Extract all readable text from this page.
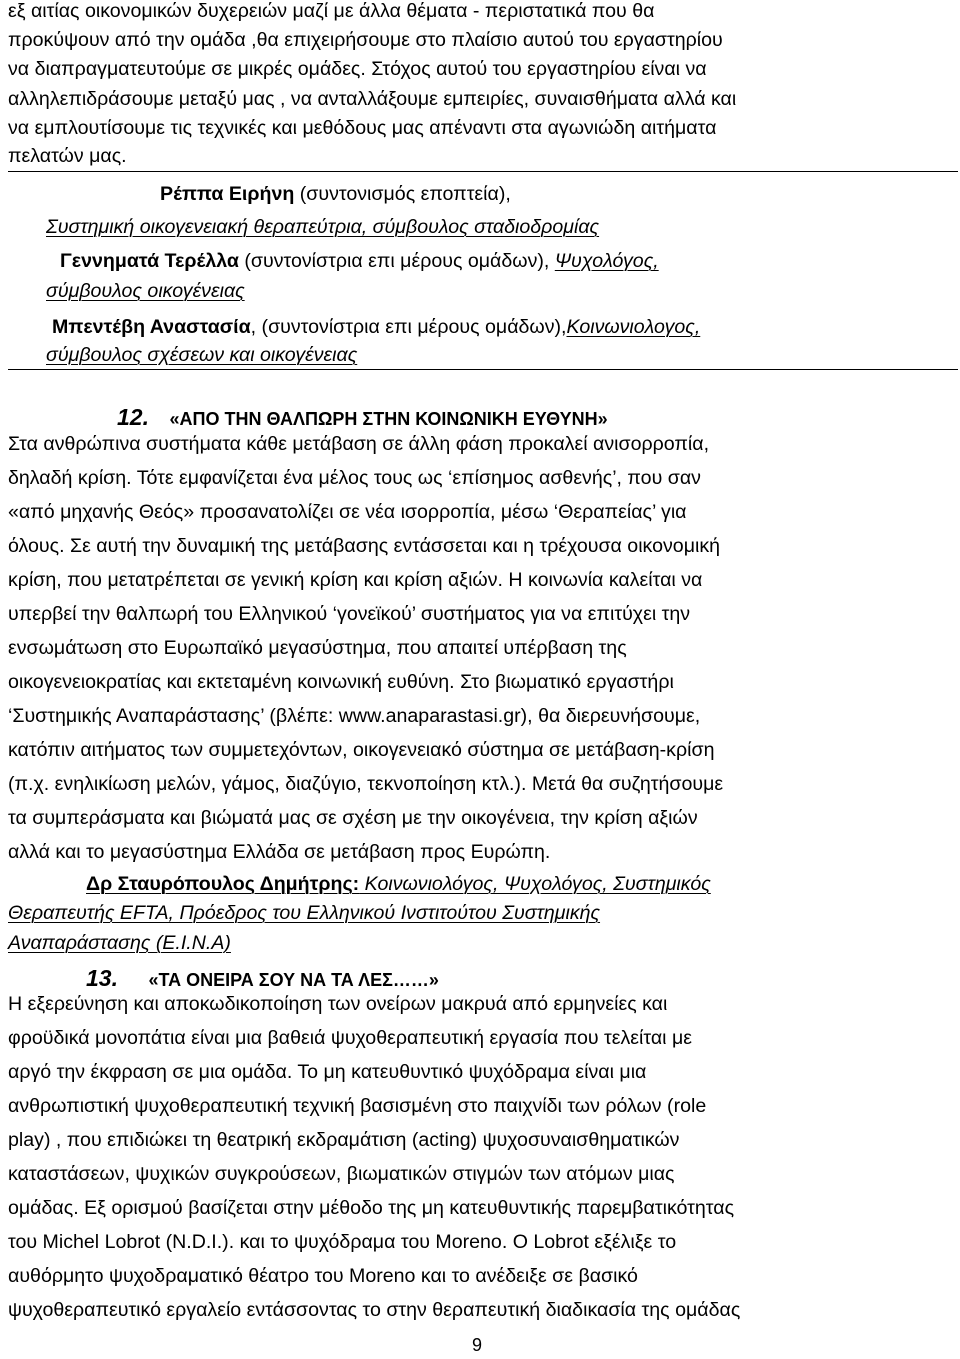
εξ αιτίας οικονομικών δυχερειών μαζί με άλλα θέματα - περιστατικά που θα
προκύψουν από την ομάδα ,θα επιχειρήσουμε στο πλαίσιο αυτού του εργαστηρίου
να διαπραγματευτούμε σε μικρές ομάδες. Στόχος αυτού του εργαστηρίου είναι να
αλληλεπιδράσουμε μεταξύ μας , να ανταλλάξουμε εμπειρίες, συναισθήματα αλλά και
να εμπλουτίσουμε τις τεχνικές και μεθόδους μας απέναντι στα αγωνιώδη αιτήματα
πελατών μας.
Ρέππα Ειρήνη (συντονισμός εποπτεία),
Συστημική οικογενειακή θεραπεύτρια, σύμβουλος σταδιοδρομίας
Γεννηματά Τερέλλα (συντονίστρια επι μέρους ομάδων), Ψυχολόγος,
σύμβουλος οικογένειας
Μπεντέβη Αναστασία, (συντονίστρια επι μέρους ομάδων),Κοινωνιολογος,
σύμβουλος σχέσεων και οικογένειας
12. «ΑΠΟ ΤΗΝ ΘΑΛΠΩΡΗ ΣΤΗΝ ΚΟΙΝΩΝΙΚΗ ΕΥΘΥΝΗ»
Στα ανθρώπινα συστήματα κάθε μετάβαση σε άλλη φάση προκαλεί ανισορροπία,
δηλαδή κρίση. Τότε εμφανίζεται ένα μέλος τους ως ‘επίσημος ασθενής’, που σαν
«από μηχανής Θεός» προσανατολίζει σε νέα ισορροπία, μέσω ‘Θεραπείας’ για
όλους. Σε αυτή την δυναμική της μετάβασης εντάσσεται και η τρέχουσα οικονομική
κρίση, που μετατρέπεται σε γενική κρίση και κρίση αξιών. Η κοινωνία καλείται να
υπερβεί την θαλπωρή του Ελληνικού ‘γονεϊκού’ συστήματος για να επιτύχει την
ενσωμάτωση στο Ευρωπαϊκό μεγασύστημα, που απαιτεί υπέρβαση της
οικογενειοκρατίας και εκτεταμένη κοινωνική ευθύνη. Στο βιωματικό εργαστήρι
‘Συστημικής Αναπαράστασης’ (βλέπε: www.anaparastasi.gr), θα διερευνήσουμε,
κατόπιν αιτήματος των συμμετεχόντων, οικογενειακό σύστημα σε μετάβαση-κρίση
(π.χ. ενηλικίωση μελών, γάμος, διαζύγιο, τεκνοποίηση κτλ.). Μετά θα συζητήσουμε
τα συμπεράσματα και βιώματά μας σε σχέση με την οικογένεια, την κρίση αξιών
αλλά και το μεγασύστημα Ελλάδα σε μετάβαση προς Ευρώπη.
Δρ Σταυρόπουλος Δημήτρης: Κοινωνιολόγος, Ψυχολόγος, Συστημικός
Θεραπευτής EFTA, Πρόεδρος του Ελληνικού Ινστιτούτου Συστημικής
Αναπαράστασης (Ε.Ι.Ν.Α)
13. «ΤΑ ΟΝΕΙΡΑ ΣΟΥ ΝΑ ΤΑ ΛΕΣ……»
Η εξερεύνηση και αποκωδικοποίηση των ονείρων μακρυά από ερμηνείες και
φροϋδικά μονοπάτια είναι μια βαθειά ψυχοθεραπευτική εργασία που τελείται με
αργό την έκφραση σε μια ομάδα. Το μη κατευθυντικό ψυχόδραμα είναι μια
ανθρωπιστική ψυχοθεραπευτική τεχνική βασισμένη στο παιχνίδι των ρόλων (role
play) , που επιδιώκει τη θεατρική εκδραμάτιση (acting) ψυχοσυναισθηματικών
καταστάσεων, ψυχικών συγκρούσεων, βιωματικών στιγμών των ατόμων μιας
ομάδας. Εξ ορισμού βασίζεται στην μέθοδο της μη κατευθυντικής παρεμβατικότητας
του Michel Lobrot (N.D.I.). και το ψυχόδραμα του Moreno. Ο Lobrot εξέλιξε το
αυθόρμητο ψυχοδραματικό θέατρο του Moreno και το ανέδειξε σε βασικό
ψυχοθεραπευτικό εργαλείο εντάσσοντας το στην θεραπευτική διαδικασία της ομάδας
9
